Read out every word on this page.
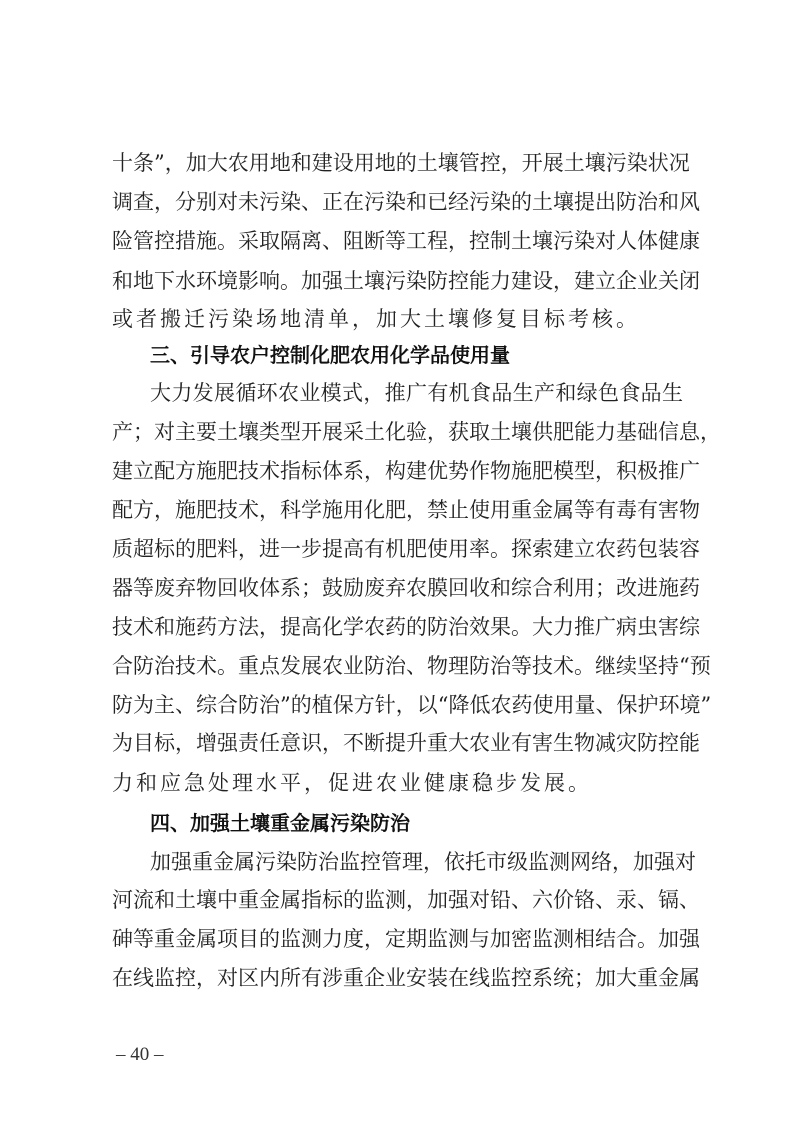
十条”，加大农用地和建设用地的土壤管控，开展土壤污染状况
调查，分别对未污染、正在污染和已经污染的土壤提出防治和风
险管控措施。采取隔离、阻断等工程，控制土壤污染对人体健康
和地下水环境影响。加强土壤污染防控能力建设，建立企业关闭
或者搬迁污染场地清单，加大土壤修复目标考核。
三、引导农户控制化肥农用化学品使用量
大力发展循环农业模式，推广有机食品生产和绿色食品生
产；对主要土壤类型开展采土化验，获取土壤供肥能力基础信息，
建立配方施肥技术指标体系，构建优势作物施肥模型，积极推广
配方，施肥技术，科学施用化肥，禁止使用重金属等有毒有害物
质超标的肥料，进一步提高有机肥使用率。探索建立农药包装容
器等废弃物回收体系；鼓励废弃农膜回收和综合利用；改进施药
技术和施药方法，提高化学农药的防治效果。大力推广病虫害综
合防治技术。重点发展农业防治、物理防治等技术。继续坚持“预
防为主、综合防治”的植保方针，以“降低农药使用量、保护环境”
为目标，增强责任意识，不断提升重大农业有害生物减灾防控能
力和应急处理水平，促进农业健康稳步发展。
四、加强土壤重金属污染防治
加强重金属污染防治监控管理，依托市级监测网络，加强对
河流和土壤中重金属指标的监测，加强对铅、六价铬、汞、镉、
砷等重金属项目的监测力度，定期监测与加密监测相结合。加强
在线监控，对区内所有涉重企业安装在线监控系统；加大重金属
– 40 –
